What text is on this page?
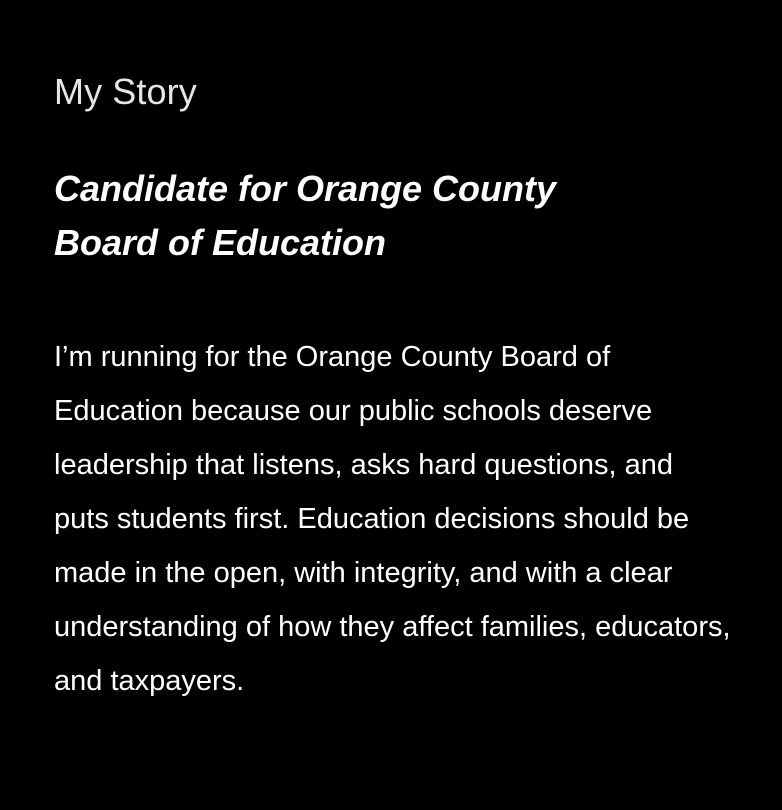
My Story
Candidate for Orange County Board of Education

I’m running for the Orange County Board of Education because our public schools deserve leadership that listens, asks hard questions, and puts students first. Education decisions should be made in the open, with integrity, and with a clear understanding of how they affect families, educators, and taxpayers.
